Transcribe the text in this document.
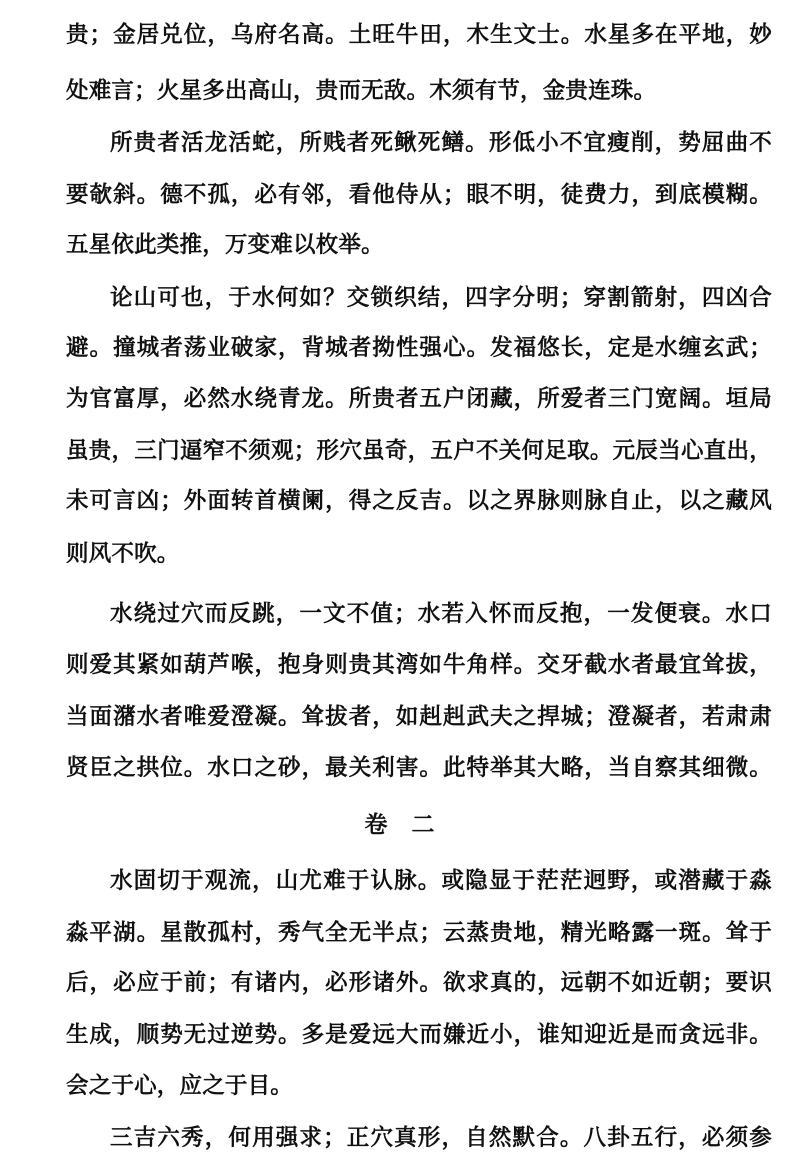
贵；金居兑位，乌府名高。土旺牛田，木生文士。水星多在平地，妙
处难言；火星多出高山，贵而无敌。木须有节，金贵连珠。
所贵者活龙活蛇，所贱者死鳅死鳝。形低小不宜瘦削，势屈曲不
要欹斜。德不孤，必有邻，看他侍从；眼不明，徒费力，到底模糊。
五星依此类推，万变难以枚举。
论山可也，于水何如？交锁织结，四字分明；穿割箭射，四凶合
避。撞城者荡业破家，背城者拗性强心。发福悠长，定是水缠玄武；
为官富厚，必然水绕青龙。所贵者五户闭藏，所爱者三门宽阔。垣局
虽贵，三门逼窄不须观；形穴虽奇，五户不关何足取。元辰当心直出，
未可言凶；外面转首横阑，得之反吉。以之界脉则脉自止，以之藏风
则风不吹。
水绕过穴而反跳，一文不值；水若入怀而反抱，一发便衰。水口
则爱其紧如葫芦喉，抱身则贵其湾如牛角样。交牙截水者最宜耸拔，
当面潴水者唯爱澄凝。耸拔者，如赳赳武夫之捍城；澄凝者，若肃肃
贤臣之拱位。水口之砂，最关利害。此特举其大略，当自察其细微。
卷 二
水固切于观流，山尤难于认脉。或隐显于茫茫迥野，或潜藏于淼
淼平湖。星散孤村，秀气全无半点；云蒸贵地，精光略露一斑。耸于
后，必应于前；有诸内，必形诸外。欲求真的，远朝不如近朝；要识
生成，顺势无过逆势。多是爱远大而嫌近小，谁知迎近是而贪远非。
会之于心，应之于目。
三吉六秀，何用强求；正穴真形，自然默合。八卦五行，必须参
